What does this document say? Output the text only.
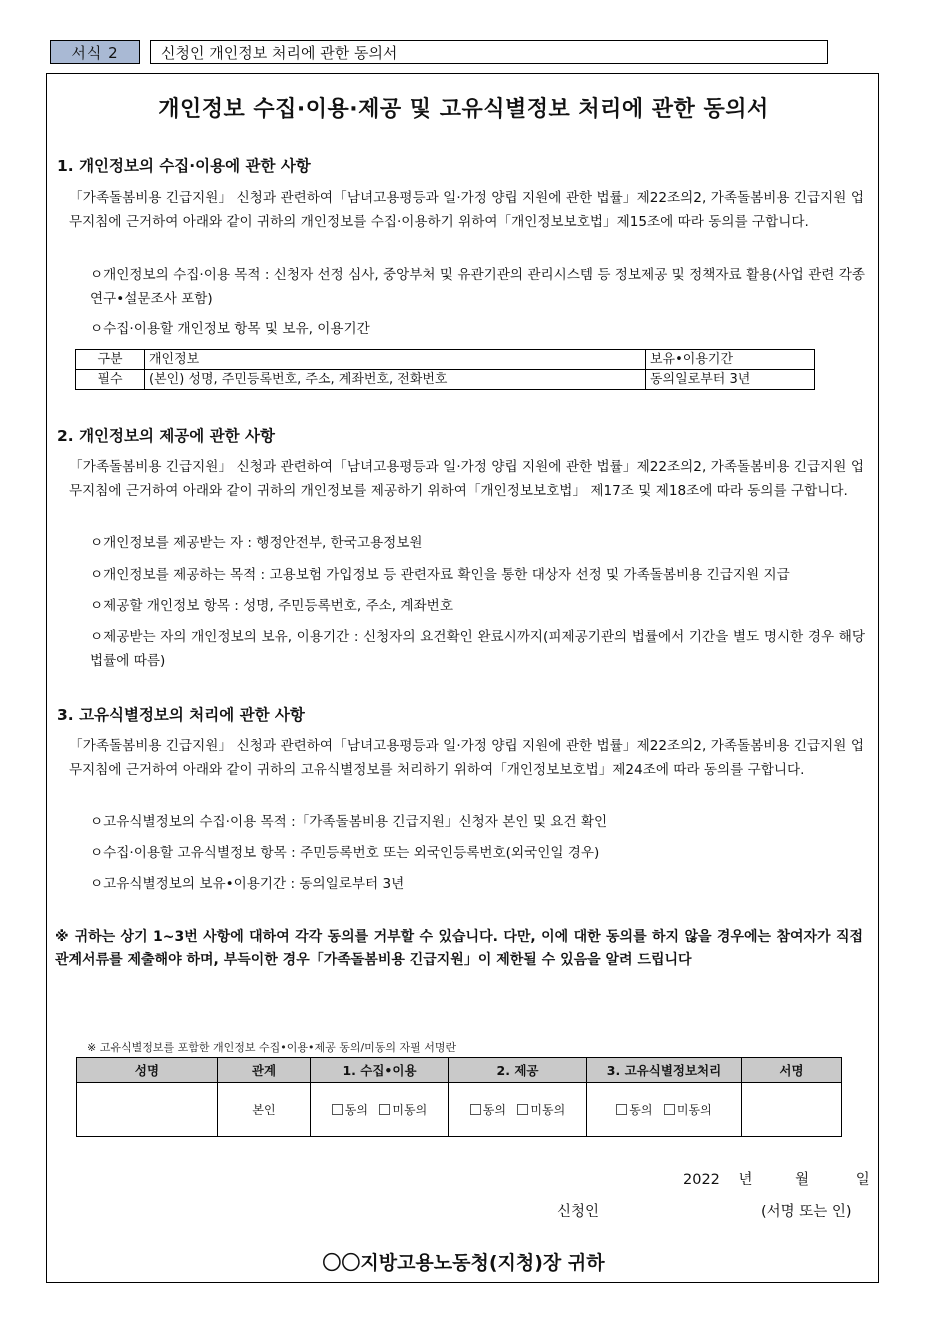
서식 2	신청인 개인정보 처리에 관한 동의서
개인정보 수집·이용·제공 및 고유식별정보 처리에 관한 동의서
1. 개인정보의 수집·이용에 관한 사항
「가족돌봄비용 긴급지원」 신청과 관련하여「남녀고용평등과 일·가정 양립 지원에 관한 법률」제22조의2, 가족돌봄비용 긴급지원 업무지침에 근거하여 아래와 같이 귀하의 개인정보를 수집·이용하기 위하여「개인정보보호법」제15조에 따라 동의를 구합니다.
ㅇ개인정보의 수집·이용 목적 : 신청자 선정 심사, 중앙부처 및 유관기관의 관리시스템 등 정보제공 및 정책자료 활용(사업 관련 각종 연구•설문조사 포함)
ㅇ수집·이용할 개인정보 항목 및 보유, 이용기간
구분	개인정보	보유•이용기간
필수	(본인) 성명, 주민등록번호, 주소, 계좌번호, 전화번호	동의일로부터 3년
2. 개인정보의 제공에 관한 사항
「가족돌봄비용 긴급지원」 신청과 관련하여「남녀고용평등과 일·가정 양립 지원에 관한 법률」제22조의2, 가족돌봄비용 긴급지원 업무지침에 근거하여 아래와 같이 귀하의 개인정보를 제공하기 위하여「개인정보보호법」 제17조 및 제18조에 따라 동의를 구합니다.
ㅇ개인정보를 제공받는 자 : 행정안전부, 한국고용정보원
ㅇ개인정보를 제공하는 목적 : 고용보험 가입정보 등 관련자료 확인을 통한 대상자 선정 및 가족돌봄비용 긴급지원 지급
ㅇ제공할 개인정보 항목 : 성명, 주민등록번호, 주소, 계좌번호
ㅇ제공받는 자의 개인정보의 보유, 이용기간 : 신청자의 요건확인 완료시까지(피제공기관의 법률에서 기간을 별도 명시한 경우 해당 법률에 따름)
3. 고유식별정보의 처리에 관한 사항
「가족돌봄비용 긴급지원」 신청과 관련하여「남녀고용평등과 일·가정 양립 지원에 관한 법률」제22조의2, 가족돌봄비용 긴급지원 업무지침에 근거하여 아래와 같이 귀하의 고유식별정보를 처리하기 위하여「개인정보보호법」제24조에 따라 동의를 구합니다.
ㅇ고유식별정보의 수집·이용 목적 :「가족돌봄비용 긴급지원」신청자 본인 및 요건 확인
ㅇ수집·이용할 고유식별정보 항목 : 주민등록번호 또는 외국인등록번호(외국인일 경우)
ㅇ고유식별정보의 보유•이용기간 : 동의일로부터 3년
※ 귀하는 상기 1~3번 사항에 대하여 각각 동의를 거부할 수 있습니다. 다만, 이에 대한 동의를 하지 않을 경우에는 참여자가 직접 관계서류를 제출해야 하며, 부득이한 경우「가족돌봄비용 긴급지원」이 제한될 수 있음을 알려 드립니다
※ 고유식별정보를 포함한 개인정보 수집•이용•제공 동의/미동의 자필 서명란
성명	관계	1. 수집•이용	2. 제공	3. 고유식별정보처리	서명
	본인	동의 미동의	동의 미동의	동의 미동의	
2022 년	월	일
신청인	(서명 또는 인)
〇〇지방고용노동청(지청)장 귀하
